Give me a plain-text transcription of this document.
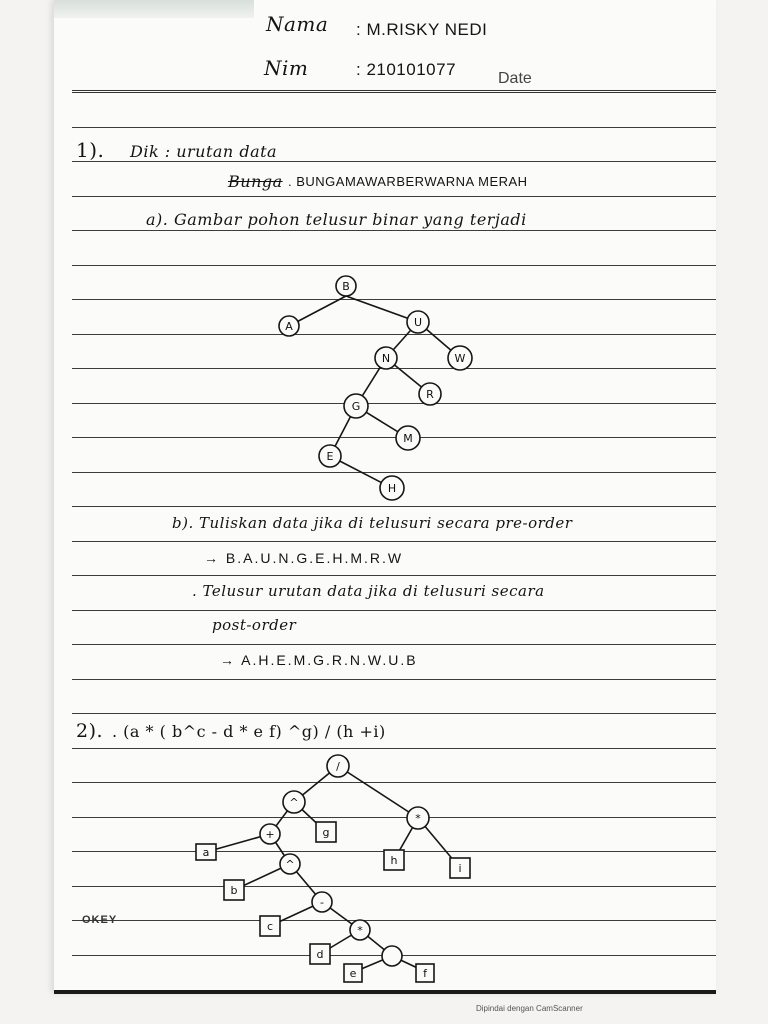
Nama : M.RISKY NEDI
Nim	: 210101077	Date
1). Dik : urutan data
Bunga . BUNGAMAWARBERWARNA MERAH
a). Gambar pohon telusur binar yang terjadi
B
A	U
N	W
R
G
M
E
H
b). Tuliskan data jika di telusuri secara pre-order
→ B.A.U.N.G.E.H.M.R.W
. Telusur urutan data jika di telusuri secara
post-order
→ A.H.E.M.G.R.N.W.U.B
2). . (a * ( b^c - d * e f) ^g) / (h +i)
/
^
+	g
*
a
^	h
i
b
-
c	*
d
e	f
OKEY
Dipindai dengan CamScanner
